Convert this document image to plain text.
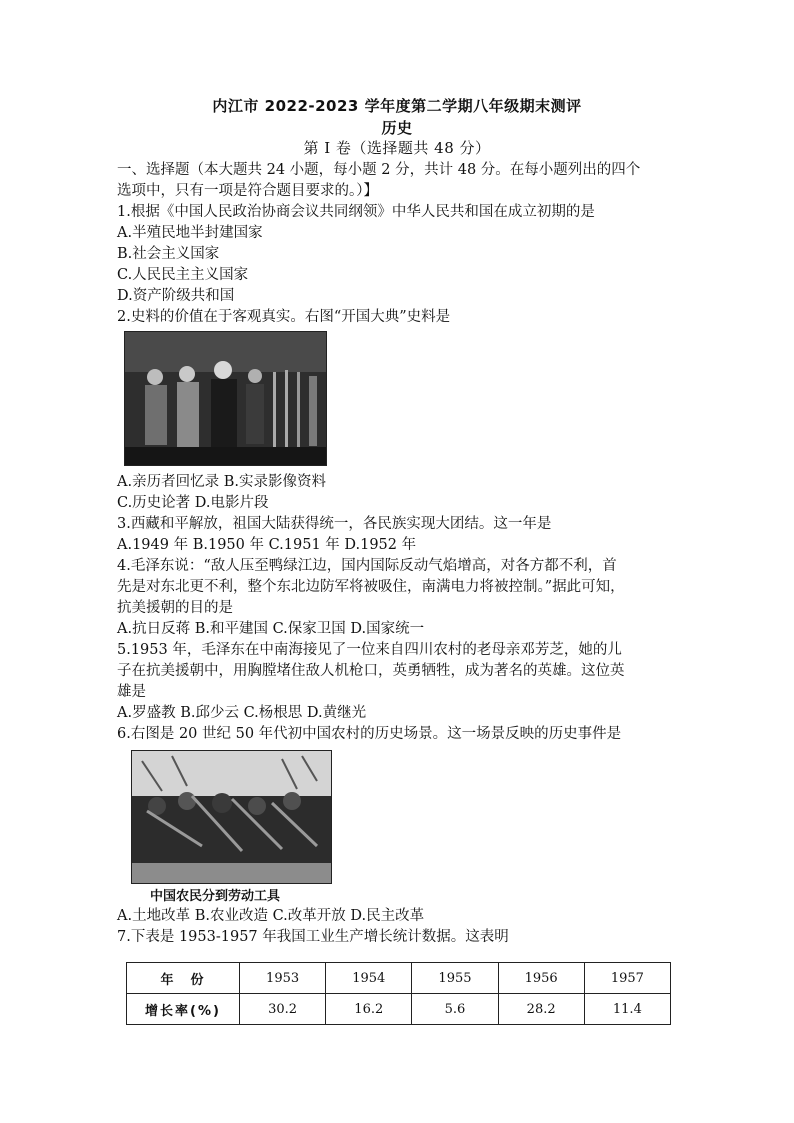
内江市 2022-2023 学年度第二学期八年级期末测评
历史
第 I 卷（选择题共 48 分）
一、选择题（本大题共 24 小题，每小题 2 分，共计 48 分。在每小题列出的四个
选项中，只有一项是符合题目要求的。）】
1.根据《中国人民政治协商会议共同纲领》中华人民共和国在成立初期的是
A.半殖民地半封建国家
B.社会主义国家
C.人民民主主义国家
D.资产阶级共和国
2.史料的价值在于客观真实。右图“开国大典”史料是
A.亲历者回忆录 B.实录影像资料
C.历史论著 D.电影片段
3.西藏和平解放，祖国大陆获得统一，各民族实现大团结。这一年是
A.1949 年 B.1950 年 C.1951 年 D.1952 年
4.毛泽东说：“敌人压至鸭绿江边，国内国际反动气焰增高，对各方都不利，首
先是对东北更不利，整个东北边防军将被吸住，南满电力将被控制。”据此可知，
抗美援朝的目的是
A.抗日反蒋 B.和平建国 C.保家卫国 D.国家统一
5.1953 年，毛泽东在中南海接见了一位来自四川农村的老母亲邓芳芝，她的儿
子在抗美援朝中，用胸膛堵住敌人机枪口，英勇牺牲，成为著名的英雄。这位英
雄是
A.罗盛教 B.邱少云 C.杨根思 D.黄继光
6.右图是 20 世纪 50 年代初中国农村的历史场景。这一场景反映的历史事件是
中国农民分到劳动工具
A.土地改革 B.农业改造 C.改革开放 D.民主改革
7.下表是 1953-1957 年我国工业生产增长统计数据。这表明
年　份	1953	1954	1955	1956	1957
增长率(%)	30.2	16.2	5.6	28.2	11.4
